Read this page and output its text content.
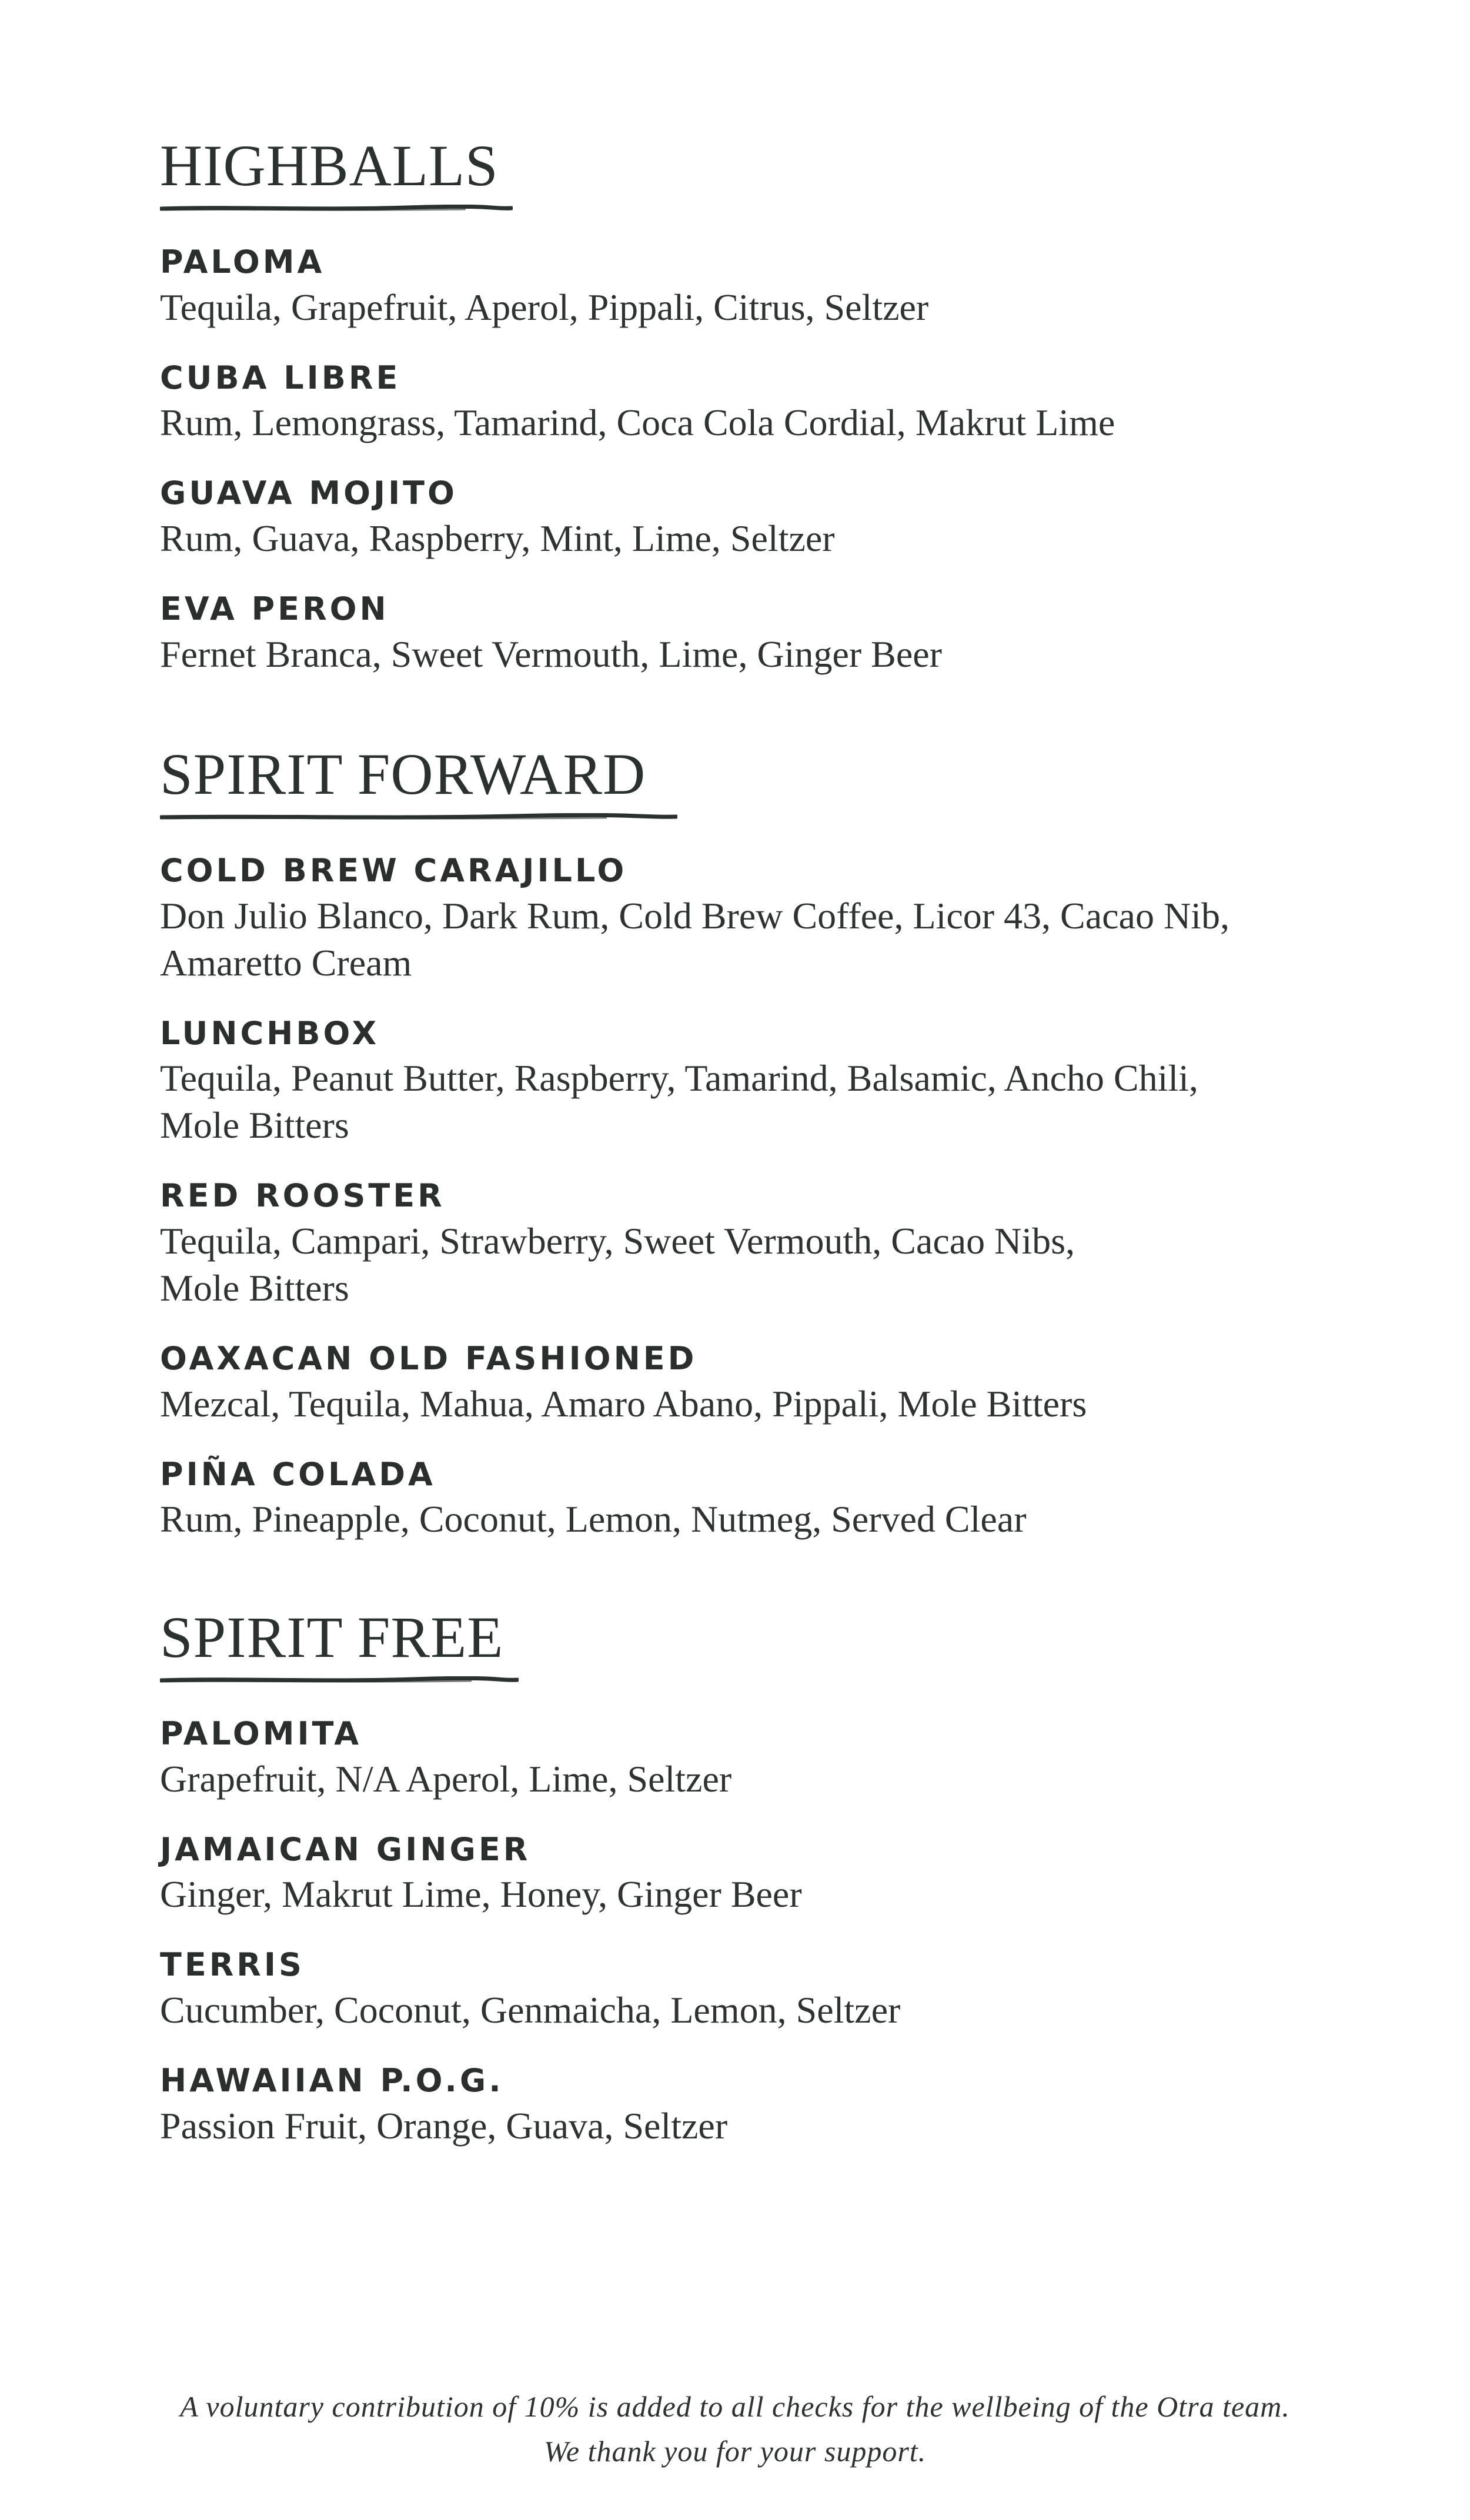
HIGHBALLS
PALOMA
Tequila, Grapefruit, Aperol, Pippali, Citrus, Seltzer
CUBA LIBRE
Rum, Lemongrass, Tamarind, Coca Cola Cordial, Makrut Lime
GUAVA MOJITO
Rum, Guava, Raspberry, Mint, Lime, Seltzer
EVA PERON
Fernet Branca, Sweet Vermouth, Lime, Ginger Beer
SPIRIT FORWARD
COLD BREW CARAJILLO
Don Julio Blanco, Dark Rum, Cold Brew Coffee, Licor 43, Cacao Nib, Amaretto Cream
LUNCHBOX
Tequila, Peanut Butter, Raspberry, Tamarind, Balsamic, Ancho Chili, Mole Bitters
RED ROOSTER
Tequila, Campari, Strawberry, Sweet Vermouth, Cacao Nibs, Mole Bitters
OAXACAN OLD FASHIONED
Mezcal, Tequila, Mahua, Amaro Abano, Pippali, Mole Bitters
PIÑA COLADA
Rum, Pineapple, Coconut, Lemon, Nutmeg, Served Clear
SPIRIT FREE
PALOMITA
Grapefruit, N/A Aperol, Lime, Seltzer
JAMAICAN GINGER
Ginger, Makrut Lime, Honey, Ginger Beer
TERRIS
Cucumber, Coconut, Genmaicha, Lemon, Seltzer
HAWAIIAN P.O.G.
Passion Fruit, Orange, Guava, Seltzer
A voluntary contribution of 10% is added to all checks for the wellbeing of the Otra team.
We thank you for your support.
